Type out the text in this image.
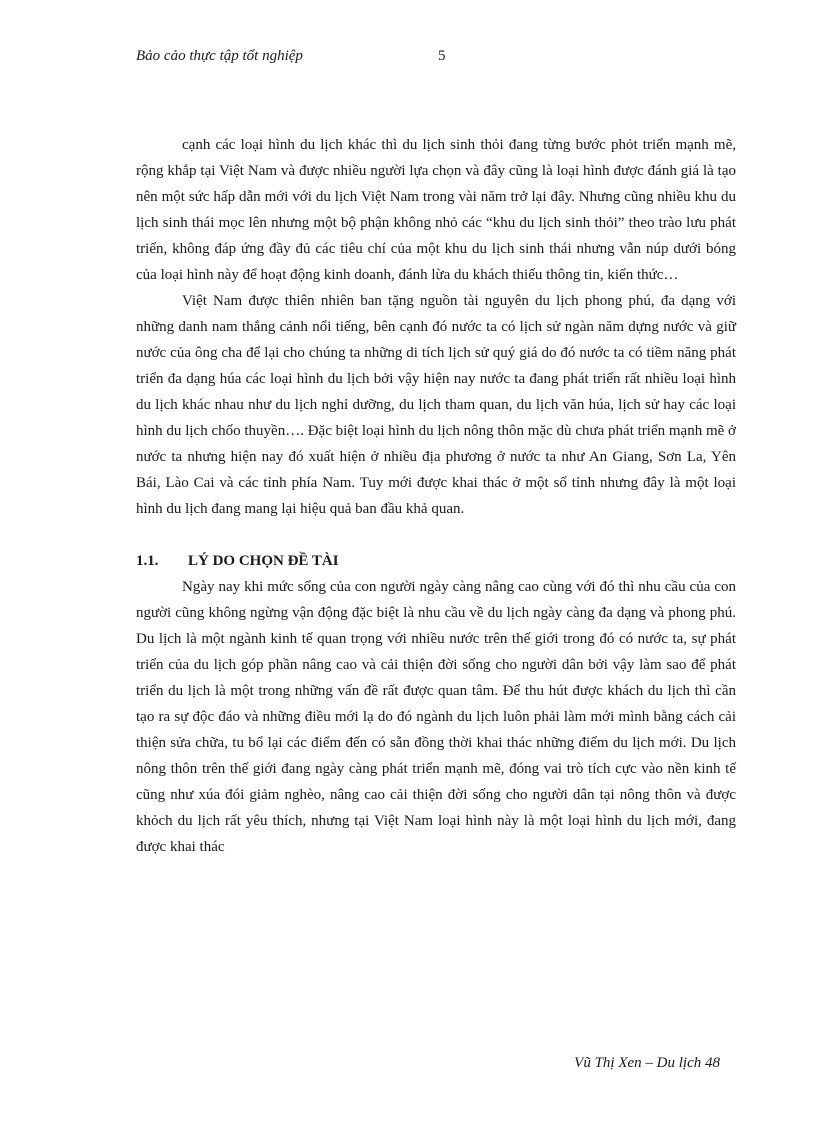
Bảo cảo thực tập tốt nghiệp	5

cạnh các loại hình du lịch khác thì du lịch sinh thỏi đang từng bước phỏt triển mạnh mẽ, rộng khắp tại Việt Nam và được nhiều người lựa chọn và đây cũng là loại hình được đánh giá là tạo nên một sức hấp dẫn mới với du lịch Việt Nam trong vài năm trở lại đây. Nhưng cũng nhiều khu du lịch sinh thái mọc lên nhưng một bộ phận không nhỏ các “khu du lịch sinh thỏi” theo trào lưu phát triển, không đáp ứng đầy đủ các tiêu chí của một khu du lịch sinh thái nhưng vẫn núp dưới bóng của loại hình này để hoạt động kinh doanh, đánh lừa du khách thiếu thông tin, kiến thức…

Việt Nam được thiên nhiên ban tặng nguồn tài nguyên du lịch phong phú, đa dạng với những danh nam thắng cảnh nổi tiếng, bên cạnh đó nước ta có lịch sử ngàn năm dựng nước và giữ nước của ông cha để lại cho chúng ta những di tích lịch sử quý giá do đó nước ta có tiềm năng phát triển đa dạng húa các loại hình du lịch bởi vậy hiện nay nước ta đang phát triển rất nhiều loại hình du lịch khác nhau như du lịch nghỉ dưỡng, du lịch tham quan, du lịch văn húa, lịch sử hay các loại hình du lịch chốo thuyền…. Đặc biệt loại hình du lịch nông thôn mặc dù chưa phát triển mạnh mẽ ở nước ta nhưng hiện nay đó xuất hiện ở nhiều địa phương ở nước ta như An Giang, Sơn La, Yên Bái, Lào Cai và các tỉnh phía Nam. Tuy mới được khai thác ở một số tỉnh nhưng đây là một loại hình du lịch đang mang lại hiệu quả ban đầu khả quan.

1.1. LÝ DO CHỌN ĐỀ TÀI

Ngày nay khi mức sống của con người ngày càng nâng cao cùng với đó thì nhu cầu của con người cũng không ngừng vận động đặc biệt là nhu cầu về du lịch ngày càng đa dạng và phong phú. Du lịch là một ngành kinh tế quan trọng với nhiều nước trên thế giới trong đó có nước ta, sự phát triển của du lịch góp phần nâng cao và cải thiện đời sống cho người dân bởi vậy làm sao để phát triển du lịch là một trong những vấn đề rất được quan tâm. Để thu hút được khách du lịch thì cần tạo ra sự độc đáo và những điều mới lạ do đó ngành du lịch luôn phải làm mới mình bằng cách cải thiện sửa chữa, tu bổ lại các điểm đến có sẵn đồng thời khai thác những điểm du lịch mới. Du lịch nông thôn trên thế giới đang ngày càng phát triển mạnh mẽ, đóng vai trò tích cực vào nền kinh tế cũng như xúa đói giảm nghèo, nâng cao cải thiện đời sống cho người dân tại nông thôn và được khỏch du lịch rất yêu thích, nhưng tại Việt Nam loại hình này là một loại hình du lịch mới, đang được khai thác

Vũ Thị Xen – Du lịch 48
